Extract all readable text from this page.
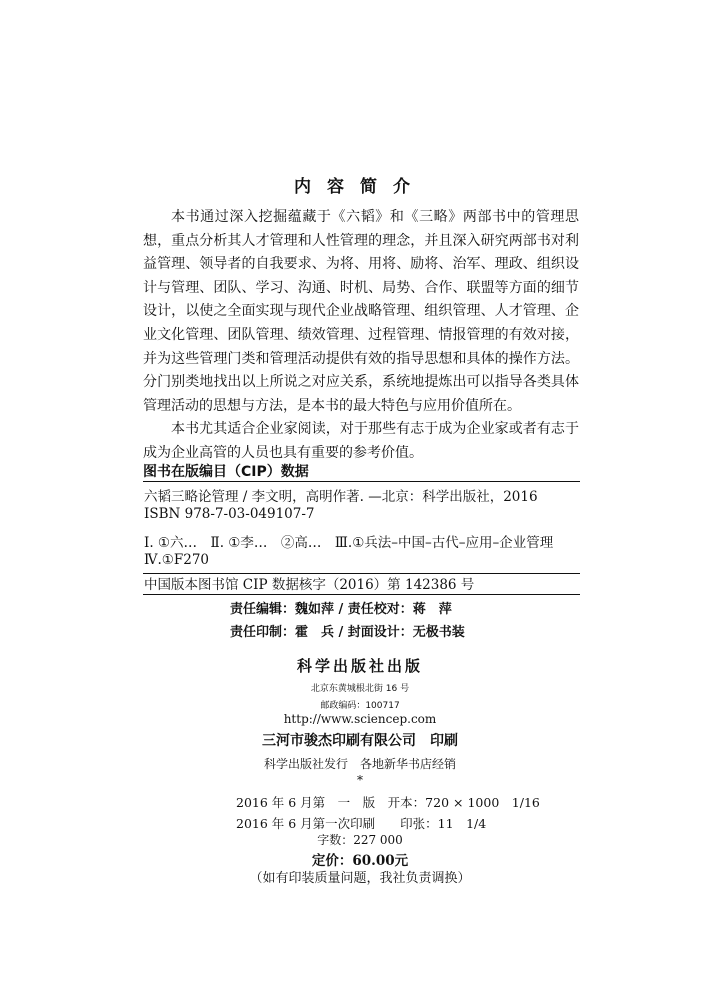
内容简介

本书通过深入挖掘蕴藏于《六韬》和《三略》两部书中的管理思想，重点分析其人才管理和人性管理的理念，并且深入研究两部书对利益管理、领导者的自我要求、为将、用将、励将、治军、理政、组织设计与管理、团队、学习、沟通、时机、局势、合作、联盟等方面的细节设计，以使之全面实现与现代企业战略管理、组织管理、人才管理、企业文化管理、团队管理、绩效管理、过程管理、情报管理的有效对接，并为这些管理门类和管理活动提供有效的指导思想和具体的操作方法。分门别类地找出以上所说之对应关系，系统地提炼出可以指导各类具体管理活动的思想与方法，是本书的最大特色与应用价值所在。

本书尤其适合企业家阅读，对于那些有志于成为企业家或者有志于成为企业高管的人员也具有重要的参考价值。

图书在版编目（CIP）数据
六韬三略论管理 / 李文明，高明作著. —北京：科学出版社，2016
ISBN 978-7-03-049107-7
Ⅰ. ①六…　Ⅱ. ①李…　②高…　Ⅲ.①兵法–中国–古代–应用–企业管理
Ⅳ.①F270
中国版本图书馆 CIP 数据核字（2016）第 142386 号
责任编辑：魏如萍 / 责任校对：蒋　萍
责任印制：霍　兵 / 封面设计：无极书装
科学出版社出版
北京东黄城根北街 16 号
邮政编码：100717
http://www.sciencep.com
三河市骏杰印刷有限公司　印刷
科学出版社发行　各地新华书店经销
*
2016 年 6 月第　一　版　开本：720 × 1000　1/16
2016 年 6 月第一次印刷　　印张：11　1/4
字数：227 000
定价：60.00元
（如有印装质量问题，我社负责调换）
